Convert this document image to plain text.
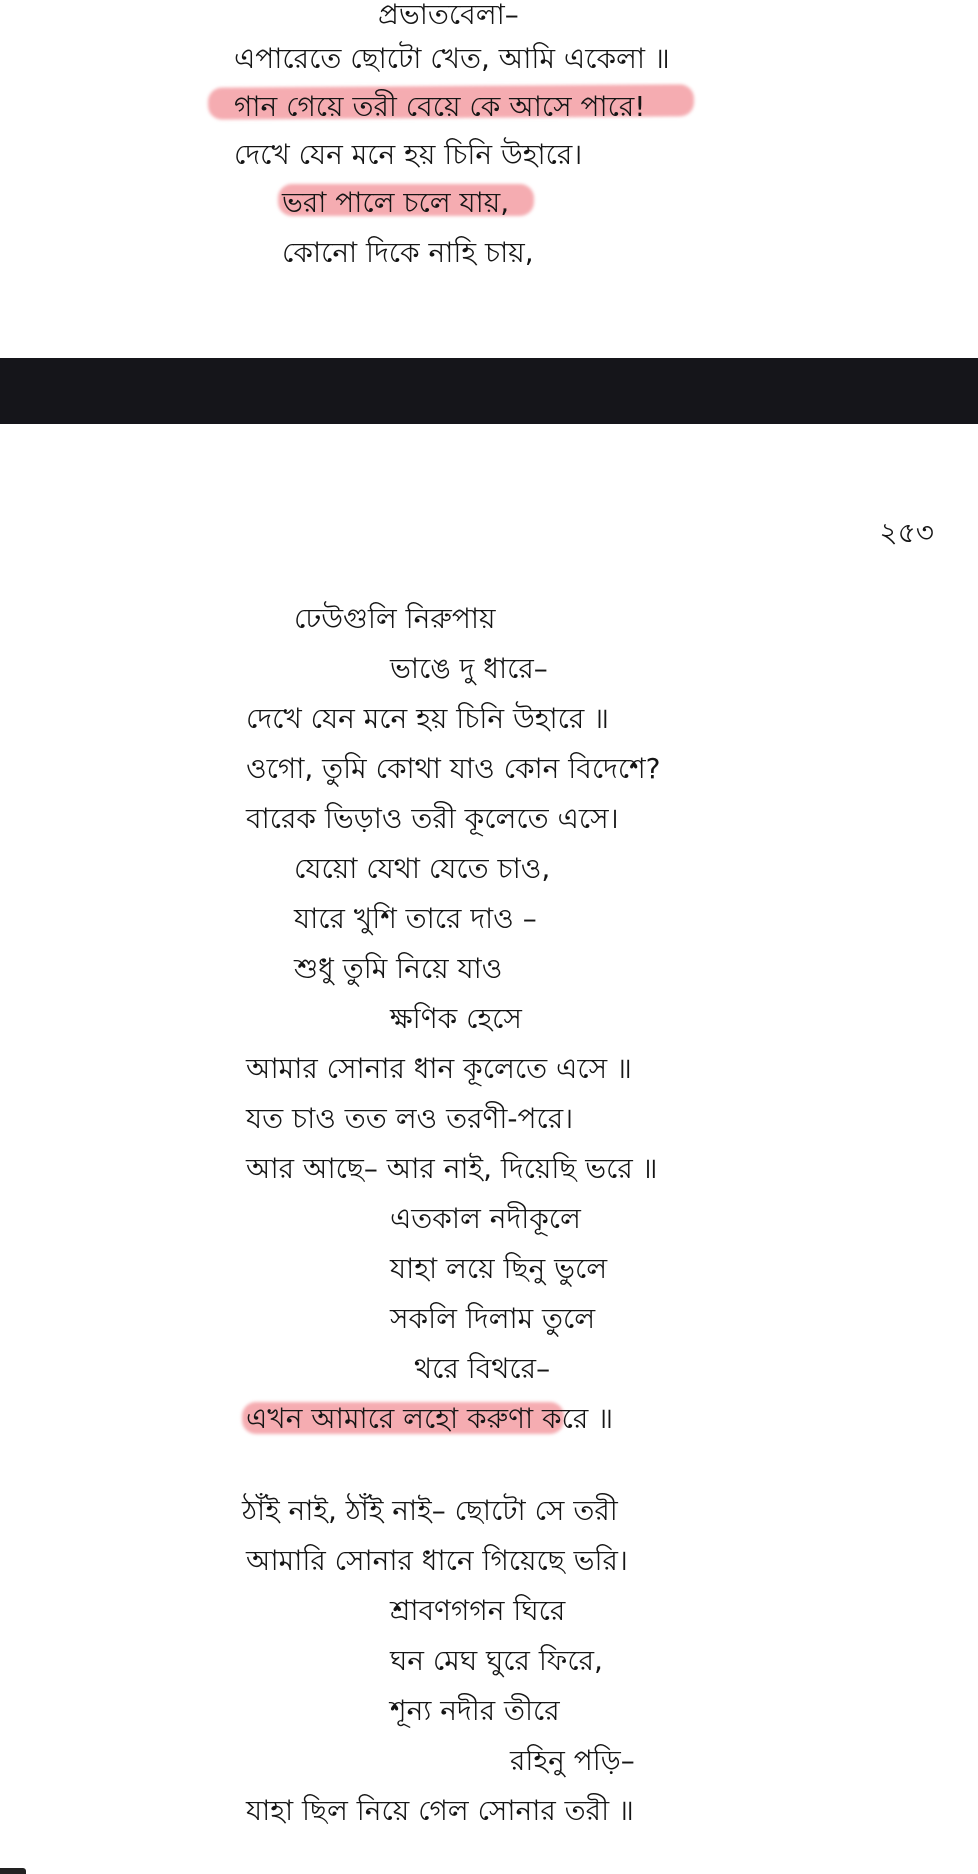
প্রভাতবেলা–

এপারেতে ছোটো খেত, আমি একেলা ॥

গান গেয়ে তরী বেয়ে কে আসে পারে!

দেখে যেন মনে হয় চিনি উহারে।

ভরা পালে চলে যায়,

কোনো দিকে নাহি চায়,

২৫৩

ঢেউগুলি নিরুপায়

ভাঙে দু ধারে–

দেখে যেন মনে হয় চিনি উহারে ॥

ওগো, তুমি কোথা যাও কোন বিদেশে?

বারেক ভিড়াও তরী কূলেতে এসে।

যেয়ো যেথা যেতে চাও,

যারে খুশি তারে দাও –

শুধু তুমি নিয়ে যাও

ক্ষণিক হেসে

আমার সোনার ধান কূলেতে এসে ॥

যত চাও তত লও তরণী-পরে।

আর আছে– আর নাই, দিয়েছি ভরে ॥

এতকাল নদীকূলে

যাহা লয়ে ছিনু ভুলে

সকলি দিলাম তুলে

থরে বিথরে–

এখন আমারে লহো করুণা করে ॥

ঠাঁই নাই, ঠাঁই নাই– ছোটো সে তরী

আমারি সোনার ধানে গিয়েছে ভরি।

শ্রাবণগগন ঘিরে

ঘন মেঘ ঘুরে ফিরে,

শূন্য নদীর তীরে

রহিনু পড়ি–

যাহা ছিল নিয়ে গেল সোনার তরী ॥
